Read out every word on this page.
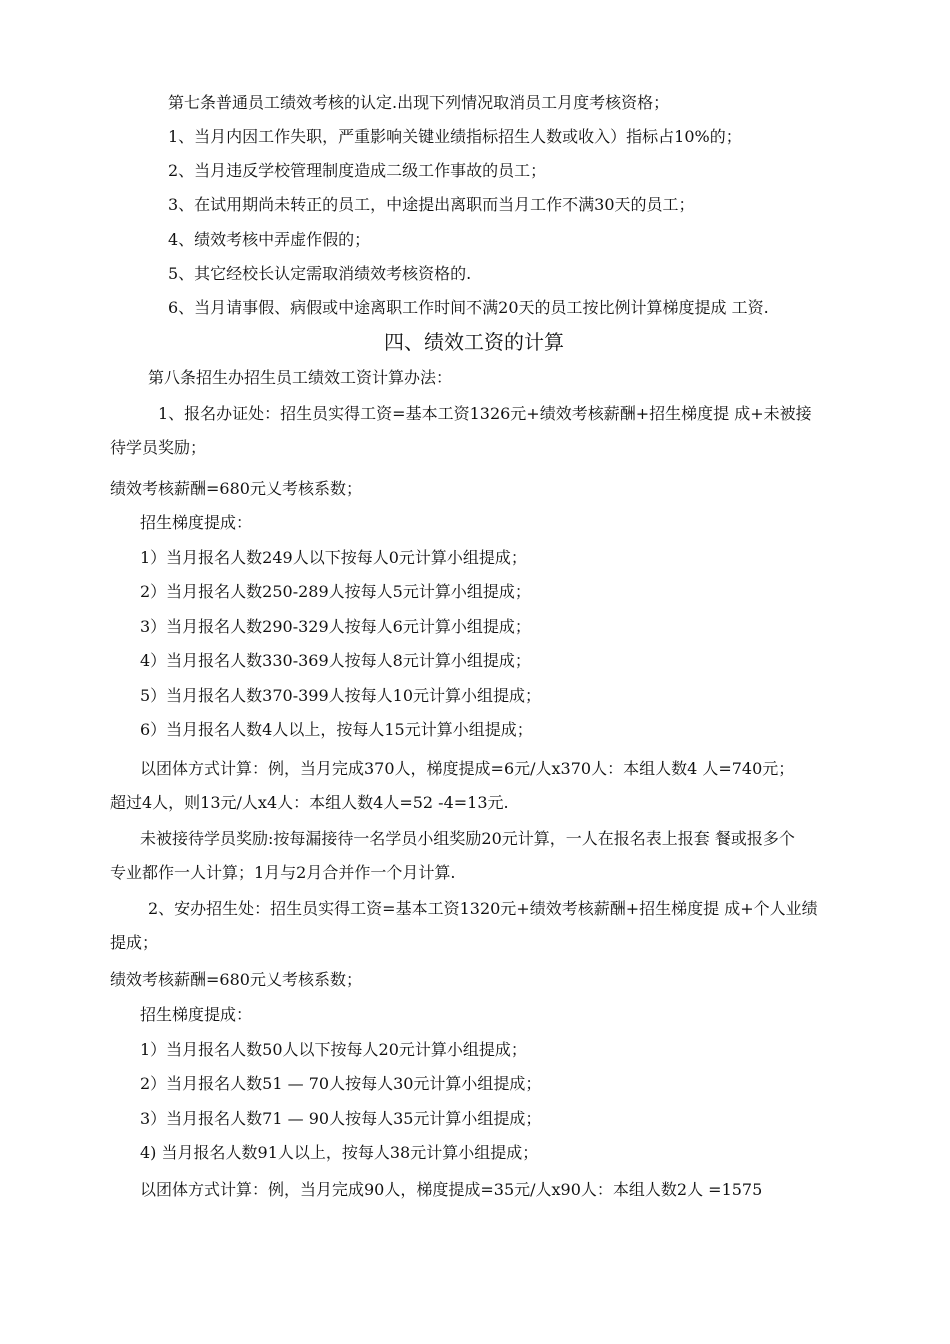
第七条普通员工绩效考核的认定.出现下列情况取消员工月度考核资格；
1、当月内因工作失职，严重影响关键业绩指标招生人数或收入）指标占10%的；
2、当月违反学校管理制度造成二级工作事故的员工；
3、在试用期尚未转正的员工，中途提出离职而当月工作不满30天的员工；
4、绩效考核中弄虚作假的；
5、其它经校长认定需取消绩效考核资格的.
6、当月请事假、病假或中途离职工作时间不满20天的员工按比例计算梯度提成 工资.
四、绩效工资的计算
第八条招生办招生员工绩效工资计算办法：
1、报名办证处：招生员实得工资=基本工资1326元+绩效考核薪酬+招生梯度提 成+未被接
待学员奖励；
绩效考核薪酬=680元乂考核系数；
招生梯度提成：
1）当月报名人数249人以下按每人0元计算小组提成；
2）当月报名人数250-289人按每人5元计算小组提成；
3）当月报名人数290-329人按每人6元计算小组提成；
4）当月报名人数330-369人按每人8元计算小组提成；
5）当月报名人数370-399人按每人10元计算小组提成；
6）当月报名人数4人以上，按每人15元计算小组提成；
以团体方式计算：例，当月完成370人，梯度提成=6元/人x370人：本组人数4 人=740元；
超过4人，则13元/人x4人：本组人数4人=52 -4=13元.
未被接待学员奖励:按每漏接待一名学员小组奖励20元计算，一人在报名表上报套 餐或报多个
专业都作一人计算；1月与2月合并作一个月计算.
2、安办招生处：招生员实得工资=基本工资1320元+绩效考核薪酬+招生梯度提 成+个人业绩
提成；
绩效考核薪酬=680元乂考核系数；
招生梯度提成：
1）当月报名人数50人以下按每人20元计算小组提成；
2）当月报名人数51 — 70人按每人30元计算小组提成；
3）当月报名人数71 — 90人按每人35元计算小组提成；
4) 当月报名人数91人以上，按每人38元计算小组提成；
以团体方式计算：例，当月完成90人，梯度提成=35元/人x90人：本组人数2人 =1575
